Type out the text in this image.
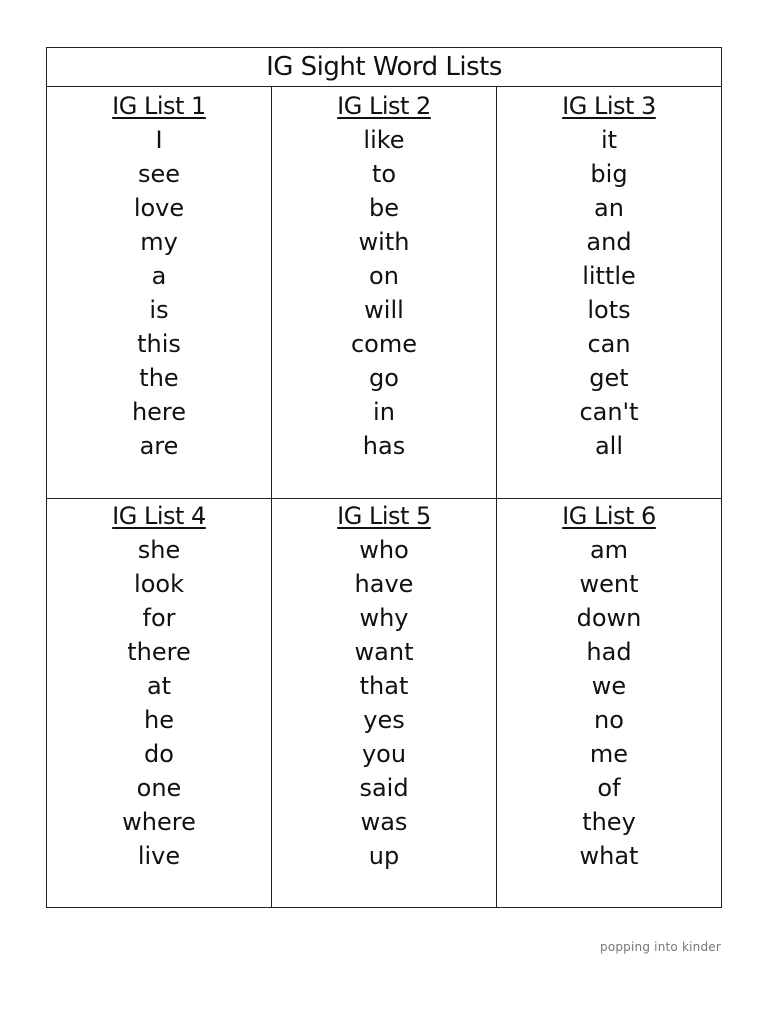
IG Sight Word Lists
IG List 1
I
see
love
my
a
is
this
the
here
are
IG List 2
like
to
be
with
on
will
come
go
in
has
IG List 3
it
big
an
and
little
lots
can
get
can't
all
IG List 4
she
look
for
there
at
he
do
one
where
live
IG List 5
who
have
why
want
that
yes
you
said
was
up
IG List 6
am
went
down
had
we
no
me
of
they
what
popping into kinder
